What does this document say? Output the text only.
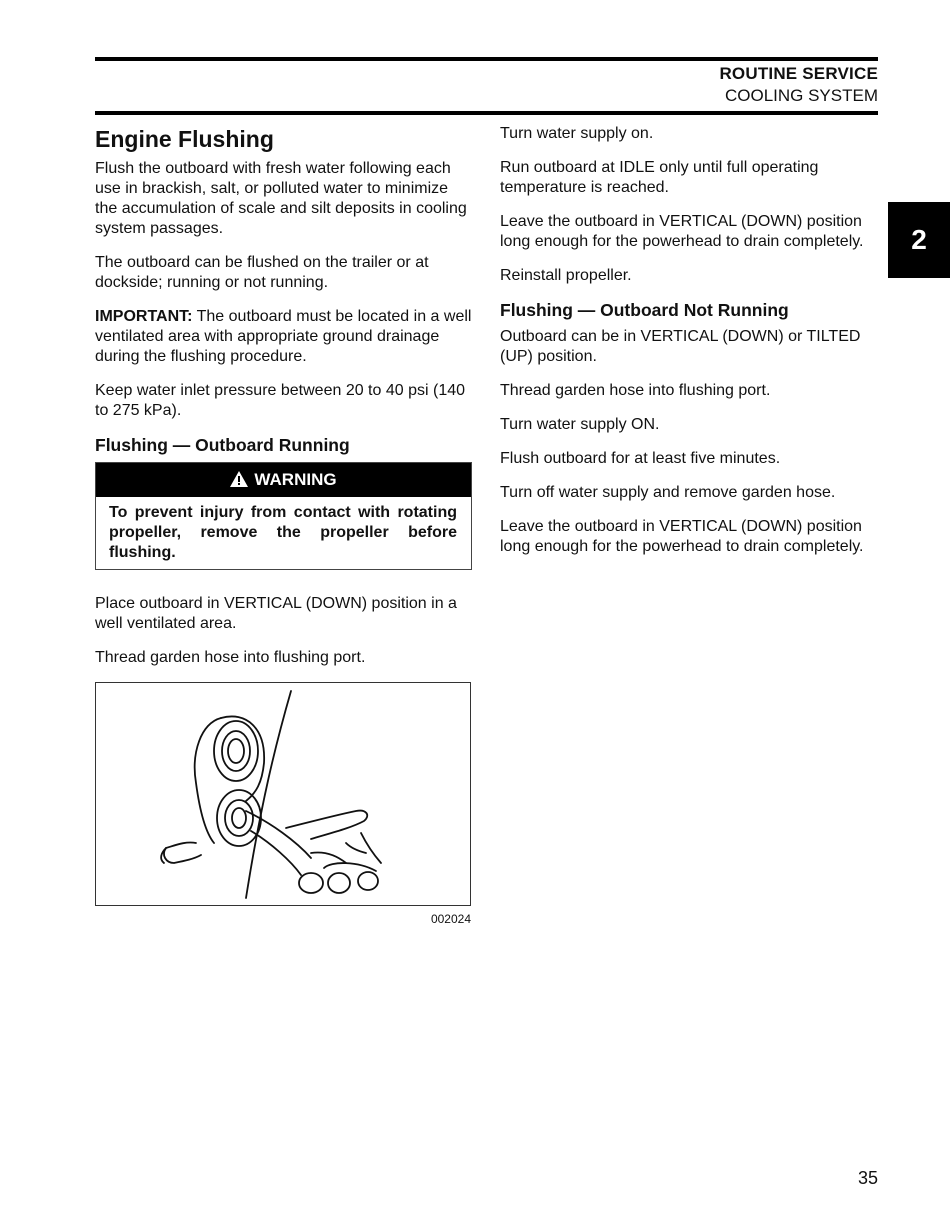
ROUTINE SERVICE
COOLING SYSTEM
2
Engine Flushing

Flush the outboard with fresh water following each use in brackish, salt, or polluted water to minimize the accumulation of scale and silt deposits in cooling system passages.

The outboard can be flushed on the trailer or at dockside; running or not running.

IMPORTANT: The outboard must be located in a well ventilated area with appropriate ground drainage during the flushing procedure.

Keep water inlet pressure between 20 to 40 psi (140 to 275 kPa).

Flushing — Outboard Running
WARNING
To prevent injury from contact with rotating propeller, remove the propeller before flushing.

Place outboard in VERTICAL (DOWN) position in a well ventilated area.

Thread garden hose into flushing port.

002024

Turn water supply on.

Run outboard at IDLE only until full operating temperature is reached.

Leave the outboard in VERTICAL (DOWN) position long enough for the powerhead to drain completely.

Reinstall propeller.

Flushing — Outboard Not Running

Outboard can be in VERTICAL (DOWN) or TILTED (UP) position.

Thread garden hose into flushing port.

Turn water supply ON.

Flush outboard for at least five minutes.

Turn off water supply and remove garden hose.

Leave the outboard in VERTICAL (DOWN) position long enough for the powerhead to drain completely.

35
